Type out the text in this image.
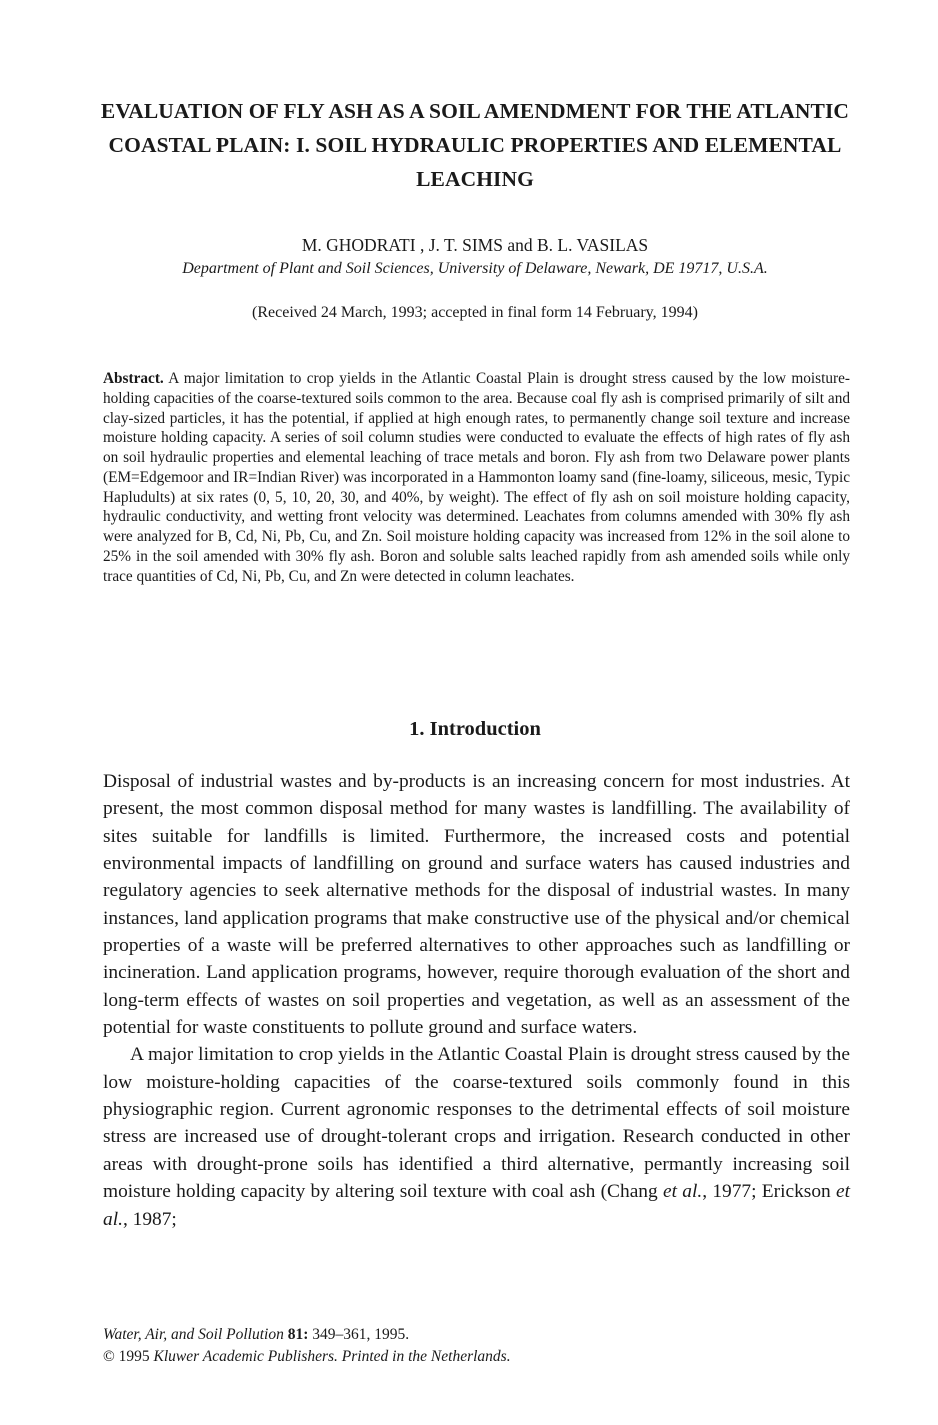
EVALUATION OF FLY ASH AS A SOIL AMENDMENT FOR THE ATLANTIC COASTAL PLAIN: I. SOIL HYDRAULIC PROPERTIES AND ELEMENTAL LEACHING
M. GHODRATI , J. T. SIMS and B. L. VASILAS
Department of Plant and Soil Sciences, University of Delaware, Newark, DE 19717, U.S.A.
(Received 24 March, 1993; accepted in final form 14 February, 1994)
Abstract. A major limitation to crop yields in the Atlantic Coastal Plain is drought stress caused by the low moisture-holding capacities of the coarse-textured soils common to the area. Because coal fly ash is comprised primarily of silt and clay-sized particles, it has the potential, if applied at high enough rates, to permanently change soil texture and increase moisture holding capacity. A series of soil column studies were conducted to evaluate the effects of high rates of fly ash on soil hydraulic properties and elemental leaching of trace metals and boron. Fly ash from two Delaware power plants (EM=Edgemoor and IR=Indian River) was incorporated in a Hammonton loamy sand (fine-loamy, siliceous, mesic, Typic Hapludults) at six rates (0, 5, 10, 20, 30, and 40%, by weight). The effect of fly ash on soil moisture holding capacity, hydraulic conductivity, and wetting front velocity was determined. Leachates from columns amended with 30% fly ash were analyzed for B, Cd, Ni, Pb, Cu, and Zn. Soil moisture holding capacity was increased from 12% in the soil alone to 25% in the soil amended with 30% fly ash. Boron and soluble salts leached rapidly from ash amended soils while only trace quantities of Cd, Ni, Pb, Cu, and Zn were detected in column leachates.
1. Introduction

Disposal of industrial wastes and by-products is an increasing concern for most industries. At present, the most common disposal method for many wastes is landfilling. The availability of sites suitable for landfills is limited. Furthermore, the increased costs and potential environmental impacts of landfilling on ground and surface waters has caused industries and regulatory agencies to seek alternative methods for the disposal of industrial wastes. In many instances, land application programs that make constructive use of the physical and/or chemical properties of a waste will be preferred alternatives to other approaches such as landfilling or incineration. Land application programs, however, require thorough evaluation of the short and long-term effects of wastes on soil properties and vegetation, as well as an assessment of the potential for waste constituents to pollute ground and surface waters.

A major limitation to crop yields in the Atlantic Coastal Plain is drought stress caused by the low moisture-holding capacities of the coarse-textured soils commonly found in this physiographic region. Current agronomic responses to the detrimental effects of soil moisture stress are increased use of drought-tolerant crops and irrigation. Research conducted in other areas with drought-prone soils has identified a third alternative, permantly increasing soil moisture holding capacity by altering soil texture with coal ash (Chang et al., 1977; Erickson et al., 1987;

Water, Air, and Soil Pollution 81: 349–361, 1995.
© 1995 Kluwer Academic Publishers. Printed in the Netherlands.
